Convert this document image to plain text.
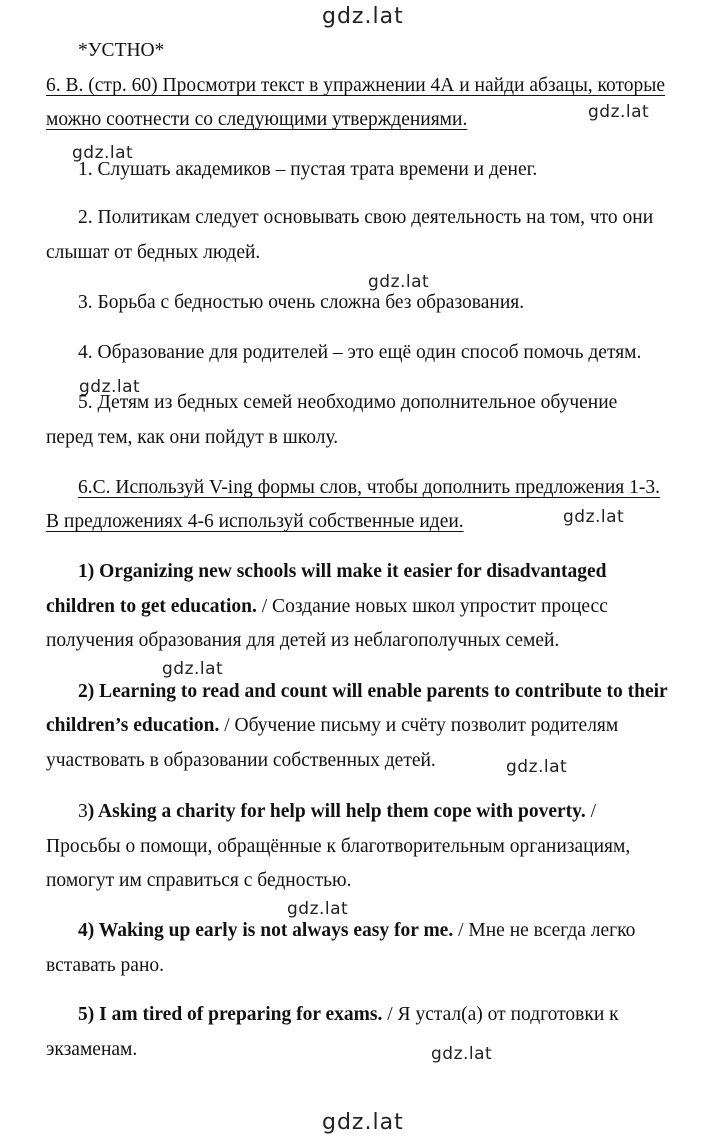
gdz.lat
gdz.lat
gdz.lat
gdz.lat
gdz.lat
gdz.lat
gdz.lat
gdz.lat
gdz.lat
gdz.lat
gdz.lat
*УСТНО*
6. В. (стр. 60) Просмотри текст в упражнении 4А и найди абзацы, которые
можно соотнести со следующими утверждениями.
1. Слушать академиков – пустая трата времени и денег.
2. Политикам следует основывать свою деятельность на том, что они
слышат от бедных людей.
3. Борьба с бедностью очень сложна без образования.
4. Образование для родителей – это ещё один способ помочь детям.
5. Детям из бедных семей необходимо дополнительное обучение
перед тем, как они пойдут в школу.
6.С. Используй V-ing формы слов, чтобы дополнить предложения 1-3.
В предложениях 4-6 используй собственные идеи.
1) Organizing new schools will make it easier for disadvantaged
children to get education. / Создание новых школ упростит процесс
получения образования для детей из неблагополучных семей.
2) Learning to read and count will enable parents to contribute to their
children’s education. / Обучение письму и счёту позволит родителям
участвовать в образовании собственных детей.
3) Asking a charity for help will help them cope with poverty. /
Просьбы о помощи, обращённые к благотворительным организациям,
помогут им справиться с бедностью.
4) Waking up early is not always easy for me. / Мне не всегда легко
вставать рано.
5) I am tired of preparing for exams. / Я устал(а) от подготовки к
экзаменам.
